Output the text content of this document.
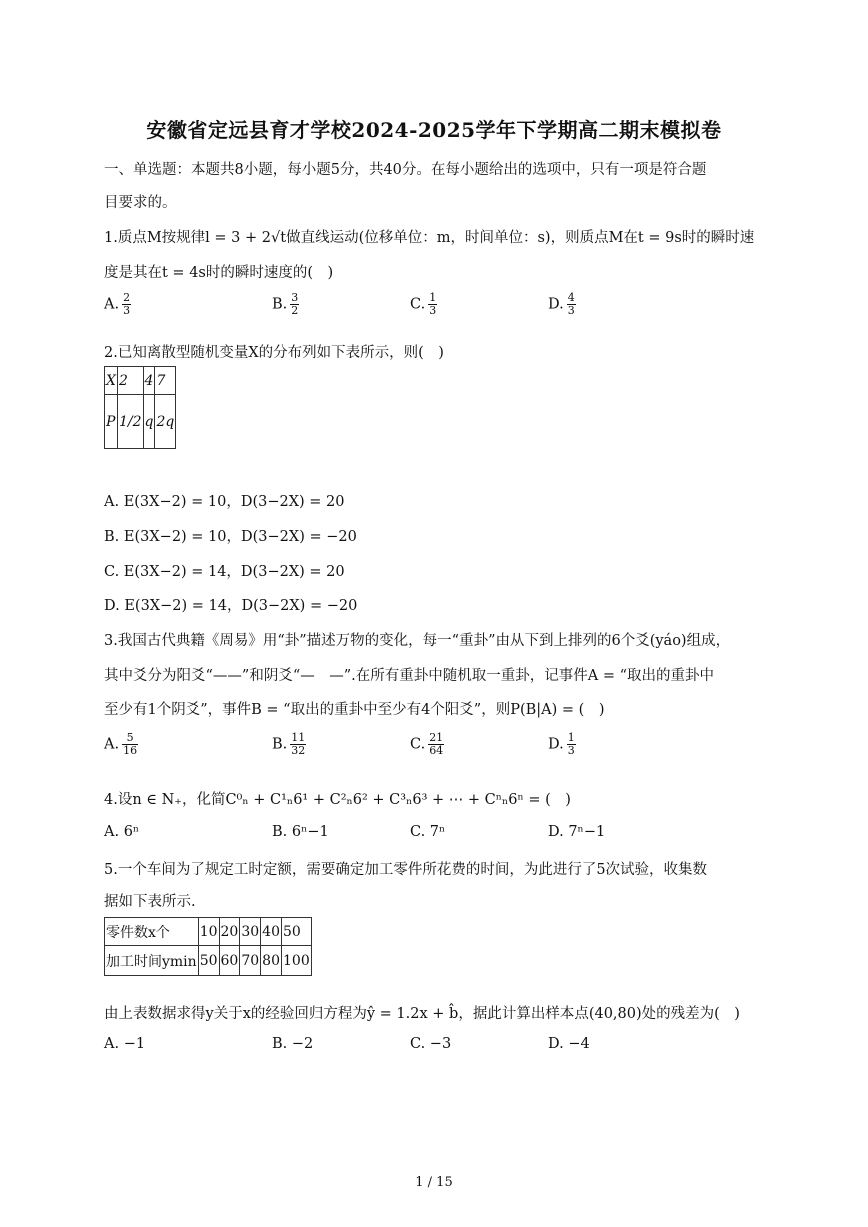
安徽省定远县育才学校2024-2025学年下学期高二期末模拟卷
一、单选题：本题共8小题，每小题5分，共40分。在每小题给出的选项中，只有一项是符合题
目要求的。
1.质点M按规律l = 3 + 2√t做直线运动(位移单位：m，时间单位：s)，则质点M在t = 9s时的瞬时速
度是其在t = 4s时的瞬时速度的(　)
A. $\frac{2}{3}$	B. $\frac{3}{2}$	C. $\frac{1}{3}$	D. $\frac{4}{3}$
2.已知离散型随机变量X的分布列如下表所示，则(　)
X	2	4	7
P	1/2	q	2q
A. E(3X−2) = 10，D(3−2X) = 20
B. E(3X−2) = 10，D(3−2X) = −20
C. E(3X−2) = 14，D(3−2X) = 20
D. E(3X−2) = 14，D(3−2X) = −20
3.我国古代典籍《周易》用“卦”描述万物的变化，每一“重卦”由从下到上排列的6个爻(yáo)组成，
其中爻分为阳爻“——”和阴爻“—　—”.在所有重卦中随机取一重卦，记事件A = “取出的重卦中
至少有1个阴爻”，事件B = “取出的重卦中至少有4个阳爻”，则P(B|A) = (　)
A. $\frac{5}{16}$	B. $\frac{11}{32}$	C. $\frac{21}{64}$	D. $\frac{1}{3}$
4.设n ∈ N₊，化简C⁰ₙ + C¹ₙ6¹ + C²ₙ6² + C³ₙ6³ + ⋯ + Cⁿₙ6ⁿ = (　)
A. 6ⁿ	B. 6ⁿ−1	C. 7ⁿ	D. 7ⁿ−1
5.一个车间为了规定工时定额，需要确定加工零件所花费的时间，为此进行了5次试验，收集数
据如下表所示.
零件数x个	10	20	30	40	50
加工时间ymin	50	60	70	80	100
由上表数据求得y关于x的经验回归方程为ŷ = 1.2x + b̂，据此计算出样本点(40,80)处的残差为(　)
A. −1	B. −2	C. −3	D. −4
1 / 15
